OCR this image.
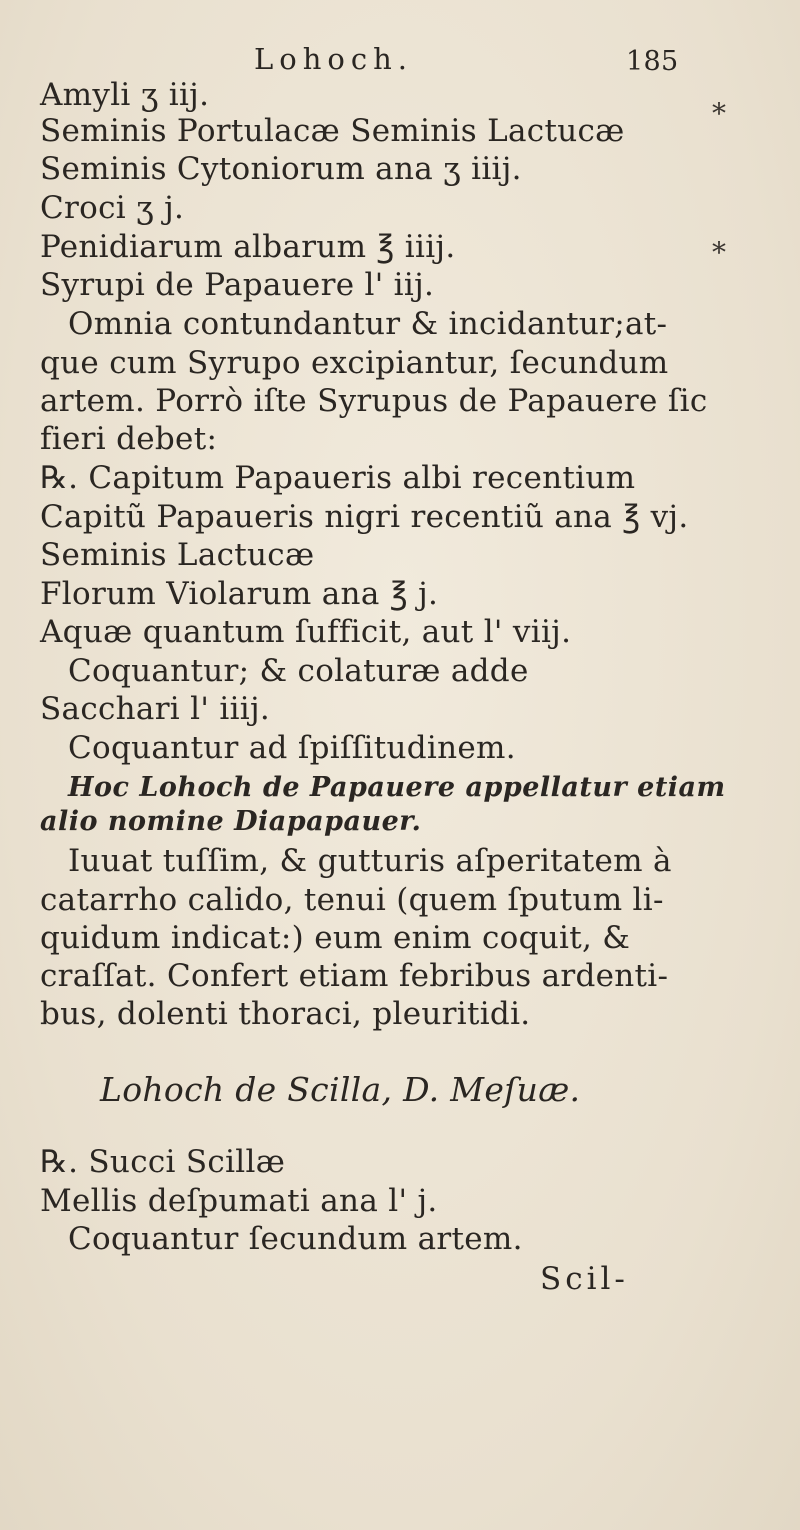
Lohoch.	185
*
*
Amyli ʒ iij.
Seminis Portulacæ Seminis Lactucæ
Seminis Cytoniorum ana ʒ iiij.
Croci ʒ j.
Penidiarum albarum ℥ iiij.
Syrupi de Papauere l' iij.
Omnia contundantur & incidantur;at-
que cum Syrupo excipiantur, ſecundum
artem. Porrò iſte Syrupus de Papauere ſic
fieri debet:
℞. Capitum Papaueris albi recentium
Capitũ Papaueris nigri recentiũ ana ℥ vj.
Seminis Lactucæ
Florum Violarum ana ℥ j.
Aquæ quantum ſufficit, aut l' viij.
Coquantur; & colaturæ adde
Sacchari l' iiij.
Coquantur ad ſpiſſitudinem.
Hoc Lohoch de Papauere appellatur etiam
alio nomine Diapapauer.
Iuuat tuſſim, & gutturis aſperitatem à
catarrho calido, tenui (quem ſputum li-
quidum indicat:) eum enim coquit, &
craſſat. Confert etiam febribus ardenti-
bus, dolenti thoraci, pleuritidi.
Lohoch de Scilla, D. Meſuæ.
℞. Succi Scillæ
Mellis deſpumati ana l' j.
Coquantur ſecundum artem.
Scil-
